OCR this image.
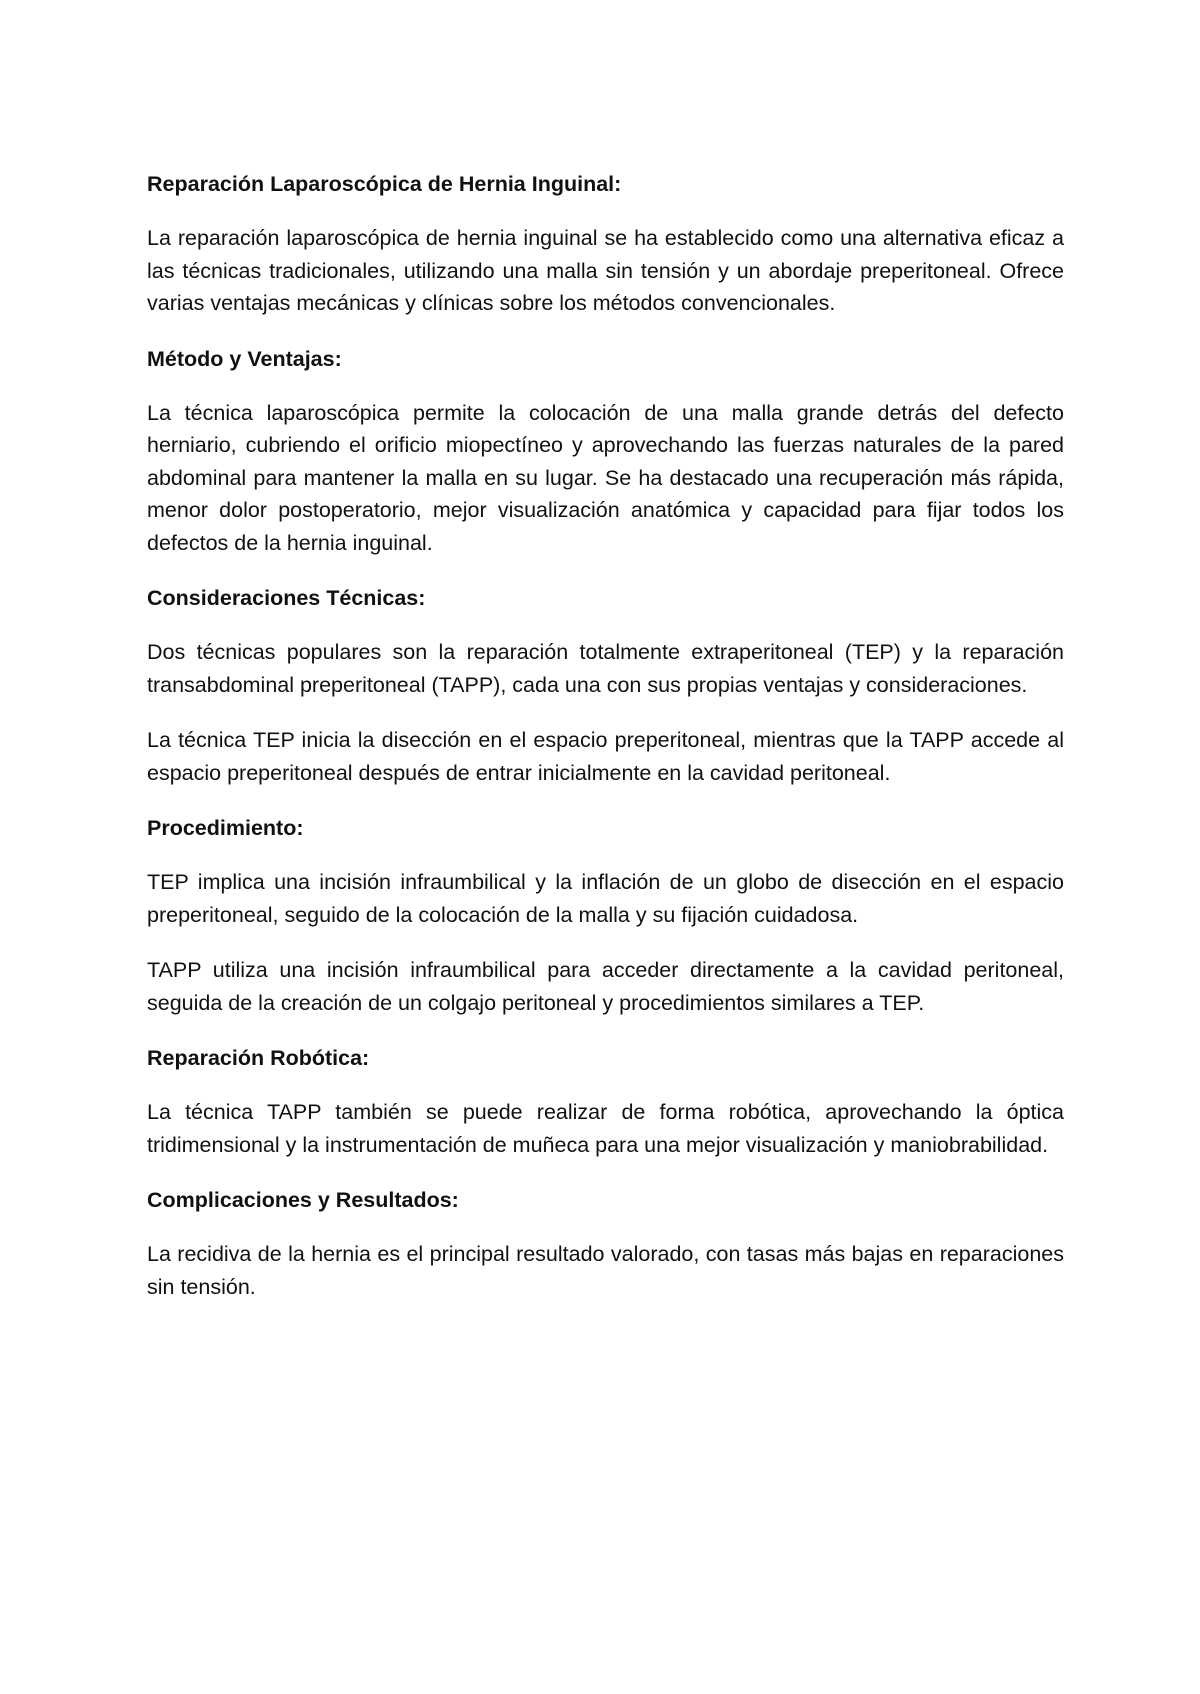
Reparación Laparoscópica de Hernia Inguinal:

La reparación laparoscópica de hernia inguinal se ha establecido como una alternativa eficaz a las técnicas tradicionales, utilizando una malla sin tensión y un abordaje preperitoneal. Ofrece varias ventajas mecánicas y clínicas sobre los métodos convencionales.

Método y Ventajas:

La técnica laparoscópica permite la colocación de una malla grande detrás del defecto herniario, cubriendo el orificio miopectíneo y aprovechando las fuerzas naturales de la pared abdominal para mantener la malla en su lugar. Se ha destacado una recuperación más rápida, menor dolor postoperatorio, mejor visualización anatómica y capacidad para fijar todos los defectos de la hernia inguinal.

Consideraciones Técnicas:

Dos técnicas populares son la reparación totalmente extraperitoneal (TEP) y la reparación transabdominal preperitoneal (TAPP), cada una con sus propias ventajas y consideraciones.

La técnica TEP inicia la disección en el espacio preperitoneal, mientras que la TAPP accede al espacio preperitoneal después de entrar inicialmente en la cavidad peritoneal.

Procedimiento:

TEP implica una incisión infraumbilical y la inflación de un globo de disección en el espacio preperitoneal, seguido de la colocación de la malla y su fijación cuidadosa.

TAPP utiliza una incisión infraumbilical para acceder directamente a la cavidad peritoneal, seguida de la creación de un colgajo peritoneal y procedimientos similares a TEP.

Reparación Robótica:

La técnica TAPP también se puede realizar de forma robótica, aprovechando la óptica tridimensional y la instrumentación de muñeca para una mejor visualización y maniobrabilidad.

Complicaciones y Resultados:

La recidiva de la hernia es el principal resultado valorado, con tasas más bajas en reparaciones sin tensión.
